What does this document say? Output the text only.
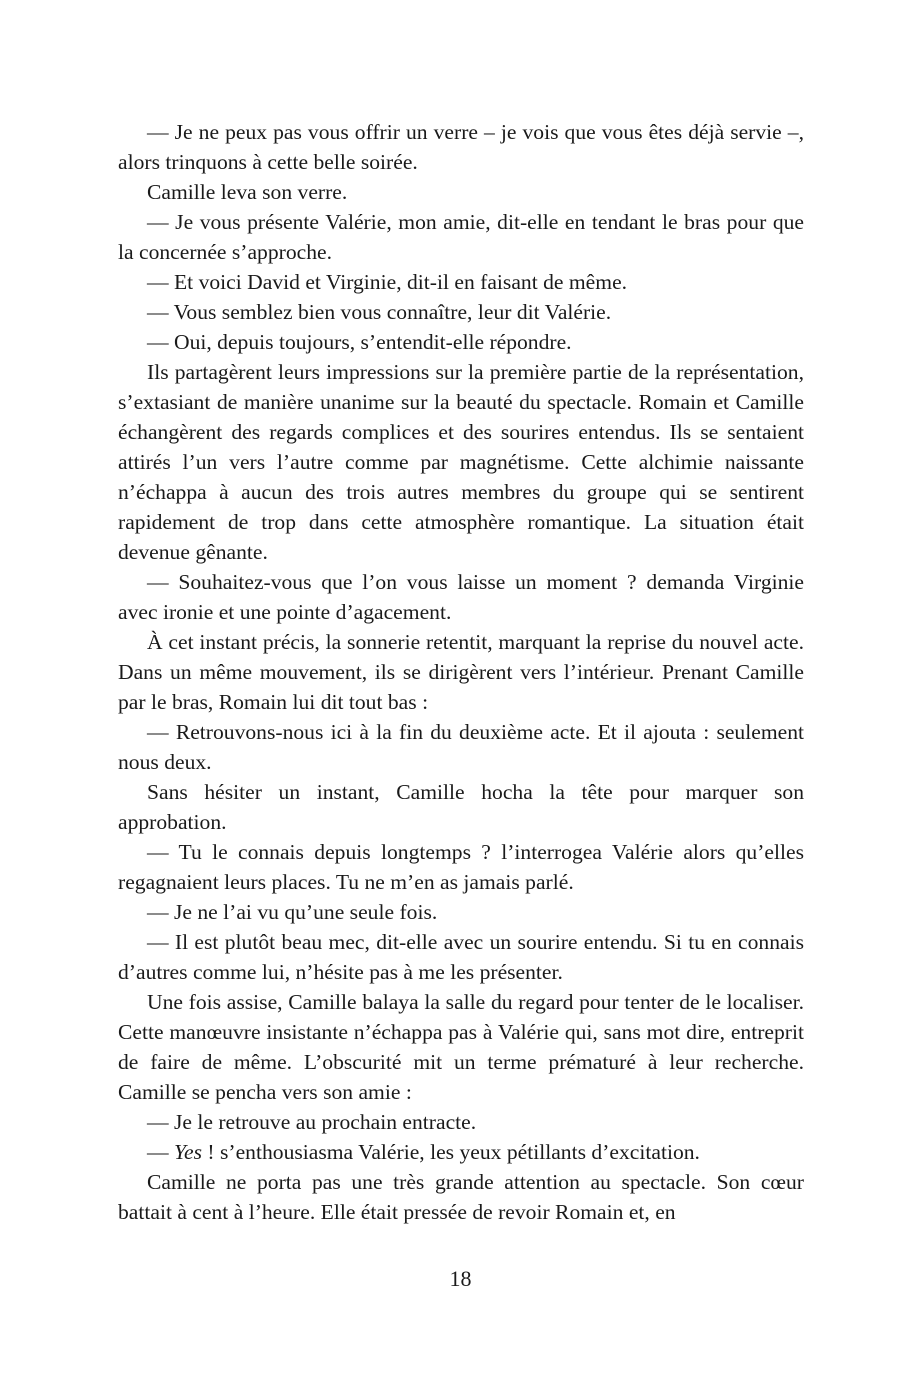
— Je ne peux pas vous offrir un verre – je vois que vous êtes déjà servie –, alors trinquons à cette belle soirée.

Camille leva son verre.

— Je vous présente Valérie, mon amie, dit-elle en tendant le bras pour que la concernée s’approche.

— Et voici David et Virginie, dit-il en faisant de même.

— Vous semblez bien vous connaître, leur dit Valérie.

— Oui, depuis toujours, s’entendit-elle répondre.

Ils partagèrent leurs impressions sur la première partie de la représentation, s’extasiant de manière unanime sur la beauté du spectacle. Romain et Camille échangèrent des regards complices et des sourires entendus. Ils se sentaient attirés l’un vers l’autre comme par magnétisme. Cette alchimie naissante n’échappa à aucun des trois autres membres du groupe qui se sentirent rapidement de trop dans cette atmosphère romantique. La situation était devenue gênante.

— Souhaitez-vous que l’on vous laisse un moment ? demanda Virginie avec ironie et une pointe d’agacement.

À cet instant précis, la sonnerie retentit, marquant la reprise du nouvel acte. Dans un même mouvement, ils se dirigèrent vers l’intérieur. Prenant Camille par le bras, Romain lui dit tout bas :

— Retrouvons-nous ici à la fin du deuxième acte. Et il ajouta : seulement nous deux.

Sans hésiter un instant, Camille hocha la tête pour marquer son approbation.

— Tu le connais depuis longtemps ? l’interrogea Valérie alors qu’elles regagnaient leurs places. Tu ne m’en as jamais parlé.

— Je ne l’ai vu qu’une seule fois.

— Il est plutôt beau mec, dit-elle avec un sourire entendu. Si tu en connais d’autres comme lui, n’hésite pas à me les présenter.

Une fois assise, Camille balaya la salle du regard pour tenter de le localiser. Cette manœuvre insistante n’échappa pas à Valérie qui, sans mot dire, entreprit de faire de même. L’obscurité mit un terme prématuré à leur recherche. Camille se pencha vers son amie :

— Je le retrouve au prochain entracte.

— Yes ! s’enthousiasma Valérie, les yeux pétillants d’excitation.

Camille ne porta pas une très grande attention au spectacle. Son cœur battait à cent à l’heure. Elle était pressée de revoir Romain et, en

18
